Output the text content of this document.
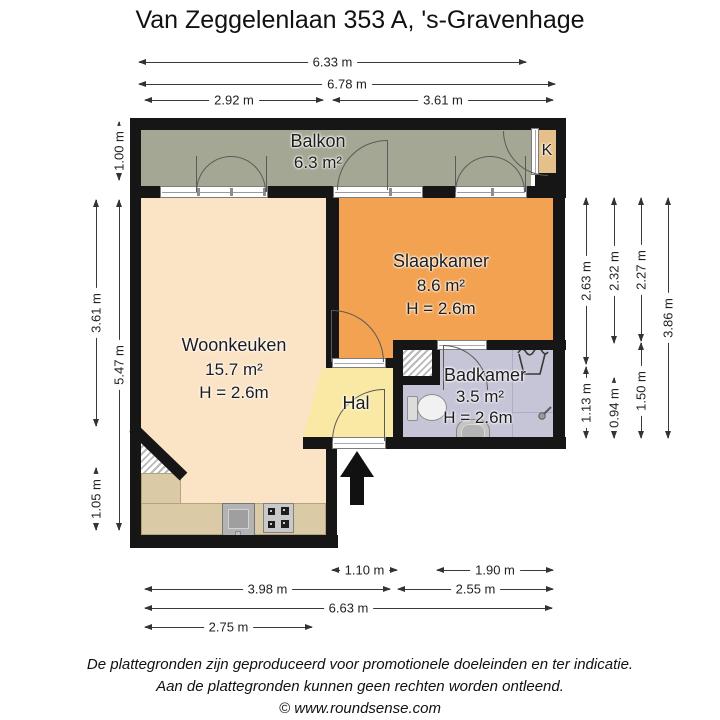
Van Zeggelenlaan 353 A, 's-Gravenhage
Balkon
6.3 m²
K
Slaapkamer
8.6 m²
H = 2.6m
Woonkeuken
15.7 m²
H = 2.6m
Hal
Badkamer
3.5 m²
H = 2.6m
6.33 m
6.78 m
2.92 m	3.61 m
3.61 m
1.05 m
1.00 m
5.47 m
2.63 m
1.13 m
2.32 m
0.94 m
2.27 m
1.50 m
3.86 m
1.10 m	1.90 m
3.98 m	2.55 m
6.63 m
2.75 m
De plattegronden zijn geproduceerd voor promotionele doeleinden en ter indicatie.
Aan de plattegronden kunnen geen rechten worden ontleend.
© www.roundsense.com
